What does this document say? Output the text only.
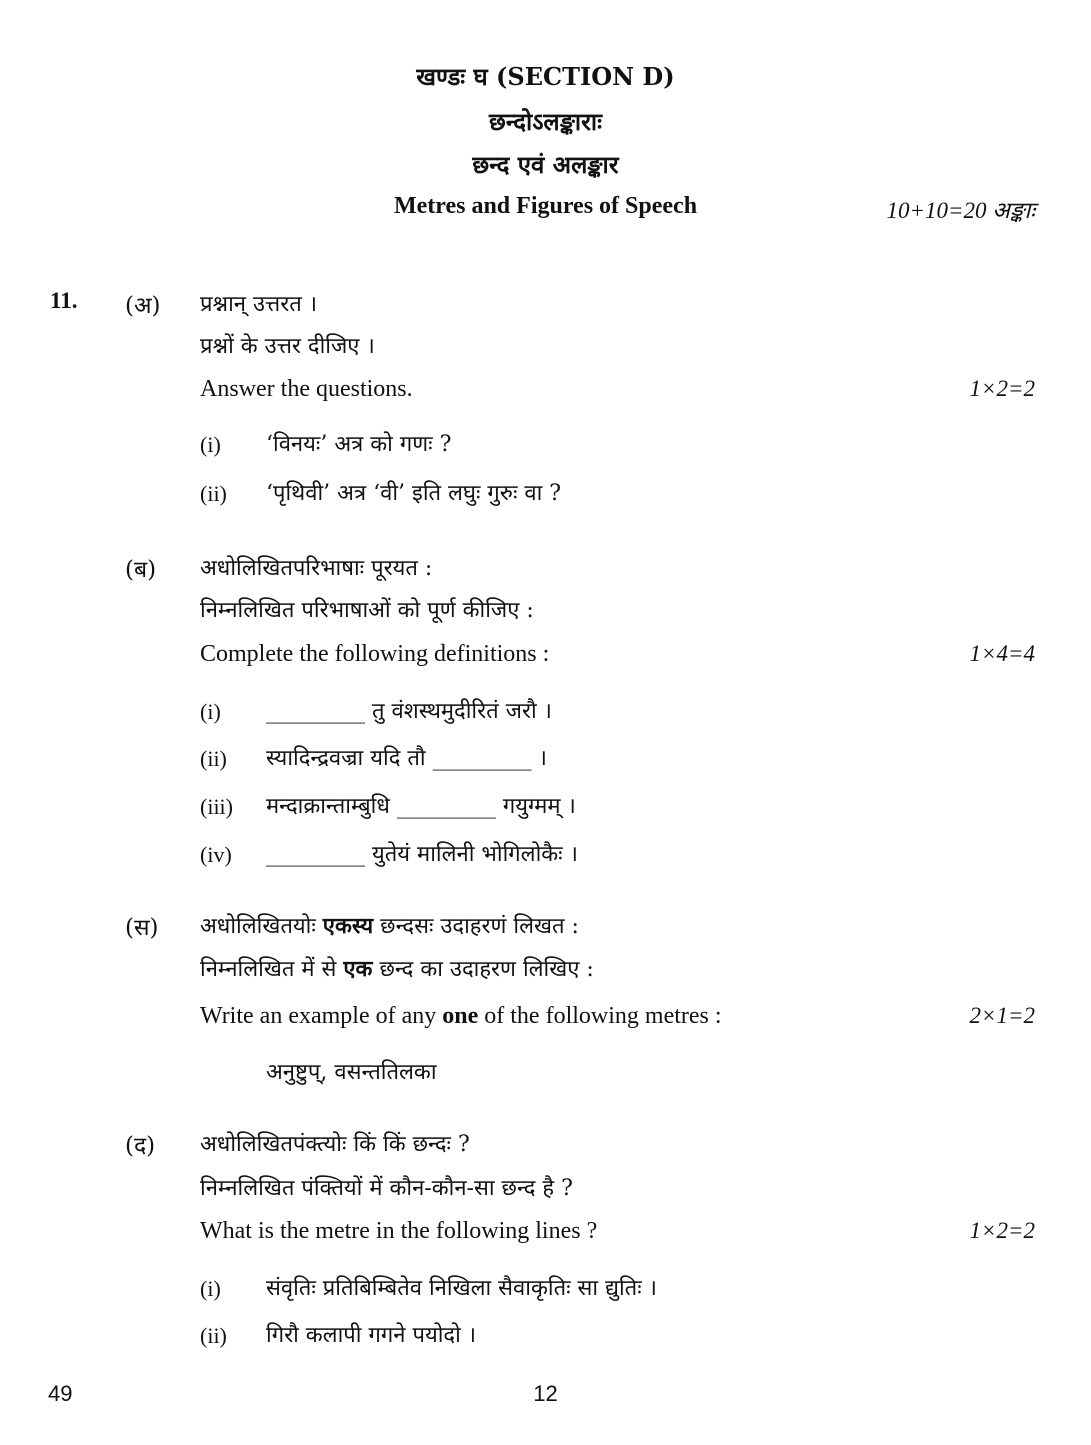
खण्डः घ (SECTION D)
छन्दोऽलङ्काराः
छन्द एवं अलङ्कार
Metres and Figures of Speech	10+10=20 अङ्काः
11. (अ) प्रश्नान् उत्तरत ।
प्रश्नों के उत्तर दीजिए ।
Answer the questions.	1×2=2
(i) ‘विनयः’ अत्र को गणः ?
(ii) ‘पृथिवी’ अत्र ‘वी’ इति लघुः गुरुः वा ?
(ब) अधोलिखितपरिभाषाः पूरयत :
निम्नलिखित परिभाषाओं को पूर्ण कीजिए :
Complete the following definitions :	1×4=4
(i) _________ तु वंशस्थमुदीरितं जरौ ।
(ii) स्यादिन्द्रवज्रा यदि तौ _________ ।
(iii) मन्दाक्रान्ताम्बुधि _________ गयुग्मम् ।
(iv) _________ युतेयं मालिनी भोगिलोकैः ।
(स) अधोलिखितयोः एकस्य छन्दसः उदाहरणं लिखत :
निम्नलिखित में से एक छन्द का उदाहरण लिखिए :
Write an example of any one of the following metres :	2×1=2
अनुष्टुप्, वसन्ततिलका
(द) अधोलिखितपंक्त्योः किं किं छन्दः ?
निम्नलिखित पंक्तियों में कौन-कौन-सा छन्द है ?
What is the metre in the following lines ?	1×2=2
(i) संवृतिः प्रतिबिम्बितेव निखिला सैवाकृतिः सा द्युतिः ।
(ii) गिरौ कलापी गगने पयोदो ।
49	12
